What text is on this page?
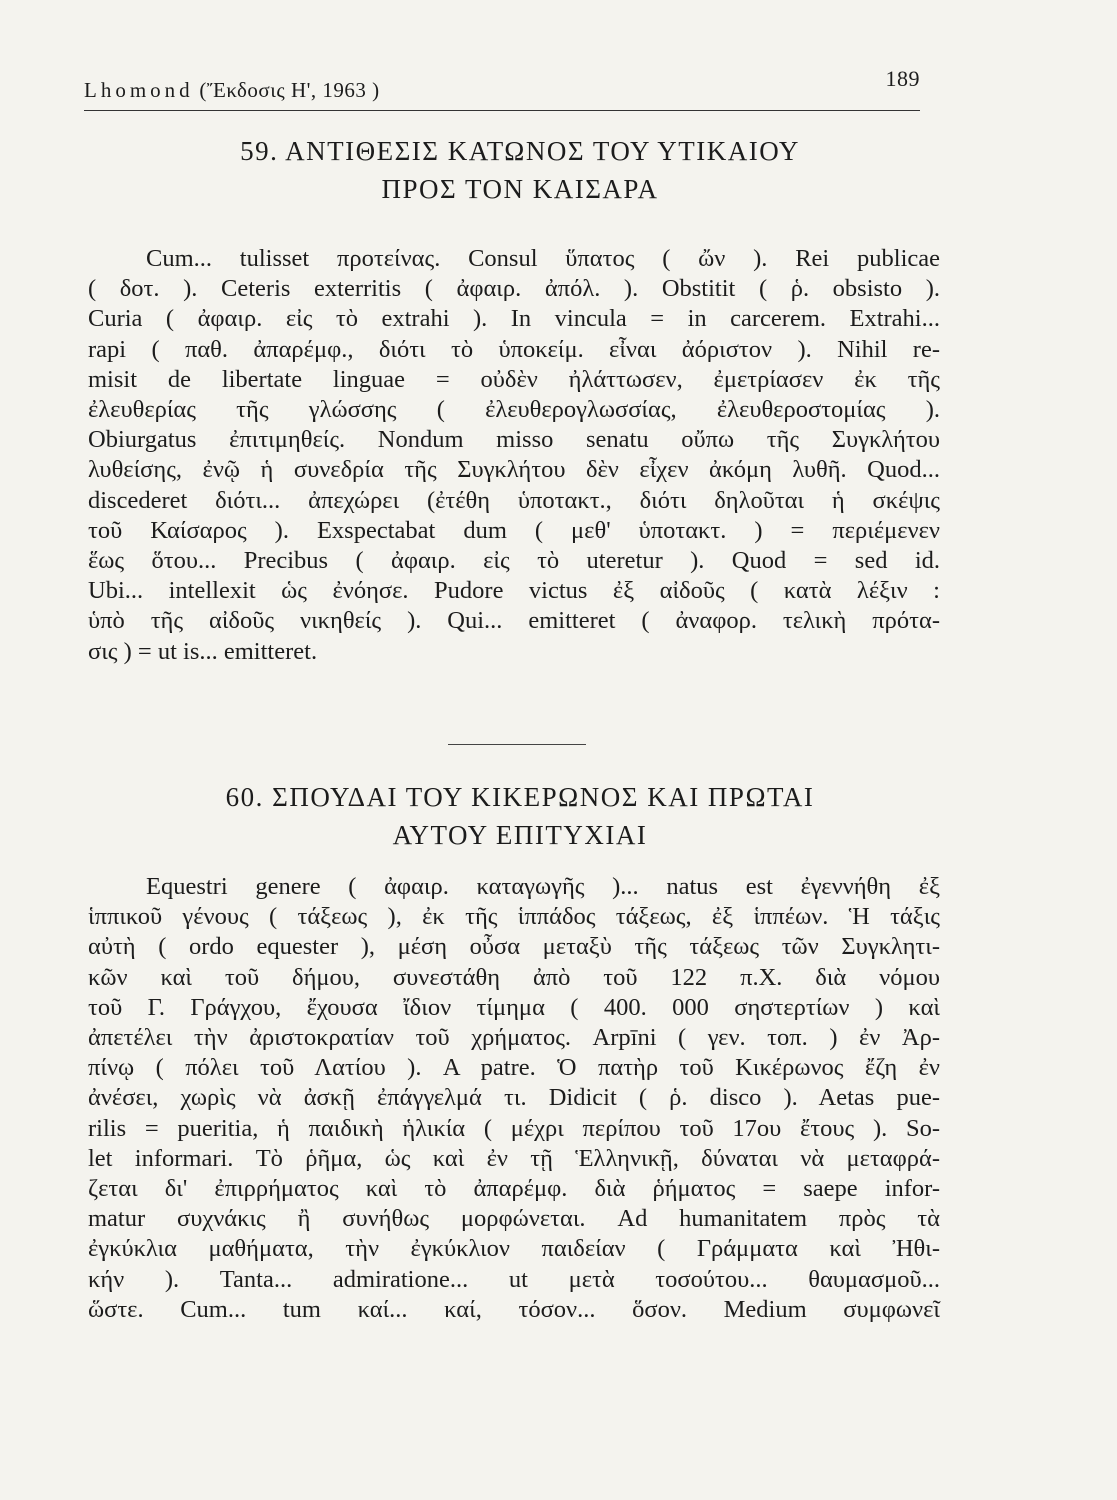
Lhomond (Ἔκδοσις Η', 1963 )	189
59. ΑΝΤΙΘΕΣΙΣ ΚΑΤΩΝΟΣ ΤΟΥ ΥΤΙΚΑΙΟΥ
ΠΡΟΣ ΤΟΝ ΚΑΙΣΑΡΑ
Cum... tulisset προτείνας. Consul ὕπατος ( ὤν ). Rei publicae
( δοτ. ). Ceteris exterritis ( ἀφαιρ. ἀπόλ. ). Obstitit ( ῥ. obsisto ).
Curia ( ἀφαιρ. εἰς τὸ extrahi ). In vincula = in carcerem. Extrahi...
rapi ( παθ. ἀπαρέμφ., διότι τὸ ὑποκείμ. εἶναι ἀόριστον ). Nihil re-
misit de libertate linguae = οὐδὲν ἠλάττωσεν, ἐμετρίασεν ἐκ τῆς
ἐλευθερίας τῆς γλώσσης ( ἐλευθερογλωσσίας, ἐλευθεροστομίας ).
Obiurgatus ἐπιτιμηθείς. Nondum misso senatu οὔπω τῆς Συγκλήτου
λυθείσης, ἐνῷ ἡ συνεδρία τῆς Συγκλήτου δὲν εἶχεν ἀκόμη λυθῆ. Quod...
discederet διότι... ἀπεχώρει (ἐτέθη ὑποτακτ., διότι δηλοῦται ἡ σκέψις
τοῦ Καίσαρος ). Exspectabat dum ( μεθ' ὑποτακτ. ) = περιέμενεν
ἕως ὅτου... Precibus ( ἀφαιρ. εἰς τὸ uteretur ). Quod = sed id.
Ubi... intellexit ὡς ἐνόησε. Pudore victus ἐξ αἰδοῦς ( κατὰ λέξιν :
ὑπὸ τῆς αἰδοῦς νικηθείς ). Qui... emitteret ( ἀναφορ. τελικὴ πρότα-
σις ) = ut is... emitteret.
60. ΣΠΟΥΔΑΙ ΤΟΥ ΚΙΚΕΡΩΝΟΣ ΚΑΙ ΠΡΩΤΑΙ
ΑΥΤΟΥ ΕΠΙΤΥΧΙΑΙ
Equestri genere ( ἀφαιρ. καταγωγῆς )... natus est ἐγεννήθη ἐξ
ἱππικοῦ γένους ( τάξεως ), ἐκ τῆς ἱππάδος τάξεως, ἐξ ἱππέων. Ἡ τάξις
αὐτὴ ( ordo equester ), μέση οὖσα μεταξὺ τῆς τάξεως τῶν Συγκλητι-
κῶν καὶ τοῦ δήμου, συνεστάθη ἀπὸ τοῦ 122 π.Χ. διὰ νόμου
τοῦ Γ. Γράγχου, ἔχουσα ἴδιον τίμημα ( 400. 000 σηστερτίων ) καὶ
ἀπετέλει τὴν ἀριστοκρατίαν τοῦ χρήματος. Arpīni ( γεν. τοπ. ) ἐν Ἀρ-
πίνῳ ( πόλει τοῦ Λατίου ). A patre. Ὁ πατὴρ τοῦ Κικέρωνος ἔζη ἐν
ἀνέσει, χωρὶς νὰ ἀσκῇ ἐπάγγελμά τι. Didicit ( ῥ. disco ). Aetas pue-
rilis = pueritia, ἡ παιδικὴ ἡλικία ( μέχρι περίπου τοῦ 17ου ἔτους ). So-
let informari. Τὸ ῥῆμα, ὡς καὶ ἐν τῇ Ἑλληνικῇ, δύναται νὰ μεταφρά-
ζεται δι' ἐπιρρήματος καὶ τὸ ἀπαρέμφ. διὰ ῥήματος = saepe infor-
matur συχνάκις ἢ συνήθως μορφώνεται. Ad humanitatem πρὸς τὰ
ἐγκύκλια μαθήματα, τὴν ἐγκύκλιον παιδείαν ( Γράμματα καὶ Ἠθι-
κήν ). Tanta... admiratione... ut μετὰ τοσούτου... θαυμασμοῦ...
ὥστε. Cum... tum καί... καί, τόσον... ὅσον. Medium συμφωνεῖ
